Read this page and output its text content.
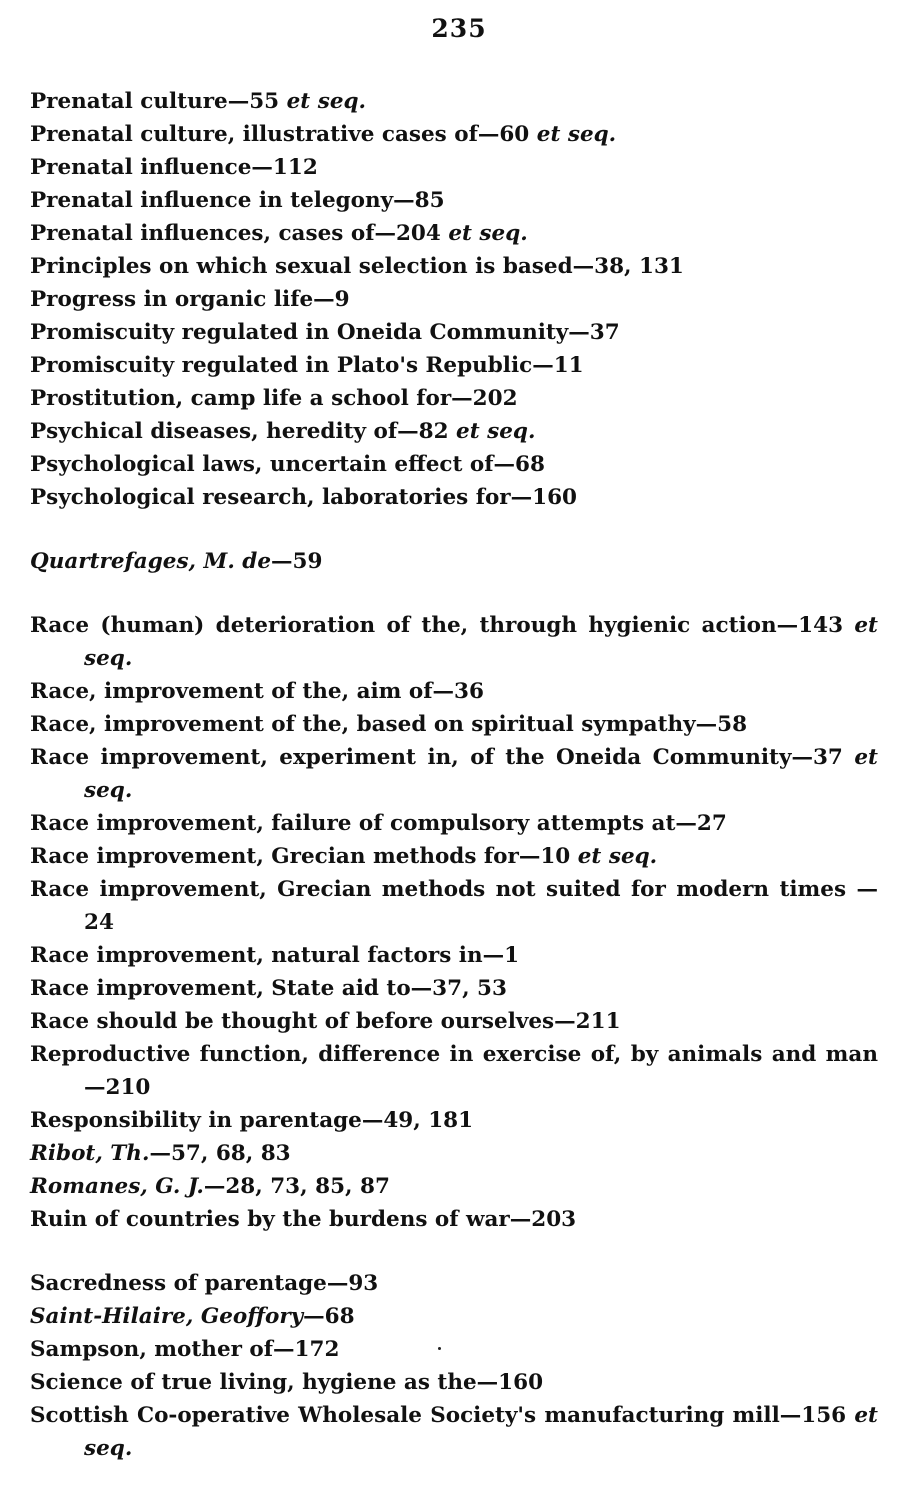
235
Prenatal culture—55 et seq.
Prenatal culture, illustrative cases of—60 et seq.
Prenatal influence—112
Prenatal influence in telegony—85
Prenatal influences, cases of—204 et seq.
Principles on which sexual selection is based—38, 131
Progress in organic life—9
Promiscuity regulated in Oneida Community—37
Promiscuity regulated in Plato's Republic—11
Prostitution, camp life a school for—202
Psychical diseases, heredity of—82 et seq.
Psychological laws, uncertain effect of—68
Psychological research, laboratories for—160
Quartrefages, M. de—59
Race (human) deterioration of the, through hygienic action—143 et seq.
Race, improvement of the, aim of—36
Race, improvement of the, based on spiritual sympathy—58
Race improvement, experiment in, of the Oneida Community—37 et seq.
Race improvement, failure of compulsory attempts at—27
Race improvement, Grecian methods for—10 et seq.
Race improvement, Grecian methods not suited for modern times —24
Race improvement, natural factors in—1
Race improvement, State aid to—37, 53
Race should be thought of before ourselves—211
Reproductive function, difference in exercise of, by animals and man—210
Responsibility in parentage—49, 181
Ribot, Th.—57, 68, 83
Romanes, G. J.—28, 73, 85, 87
Ruin of countries by the burdens of war—203
Sacredness of parentage—93
Saint-Hilaire, Geoffory—68
Sampson, mother of—172
Science of true living, hygiene as the—160
Scottish Co-operative Wholesale Society's manufacturing mill—156 et seq.
